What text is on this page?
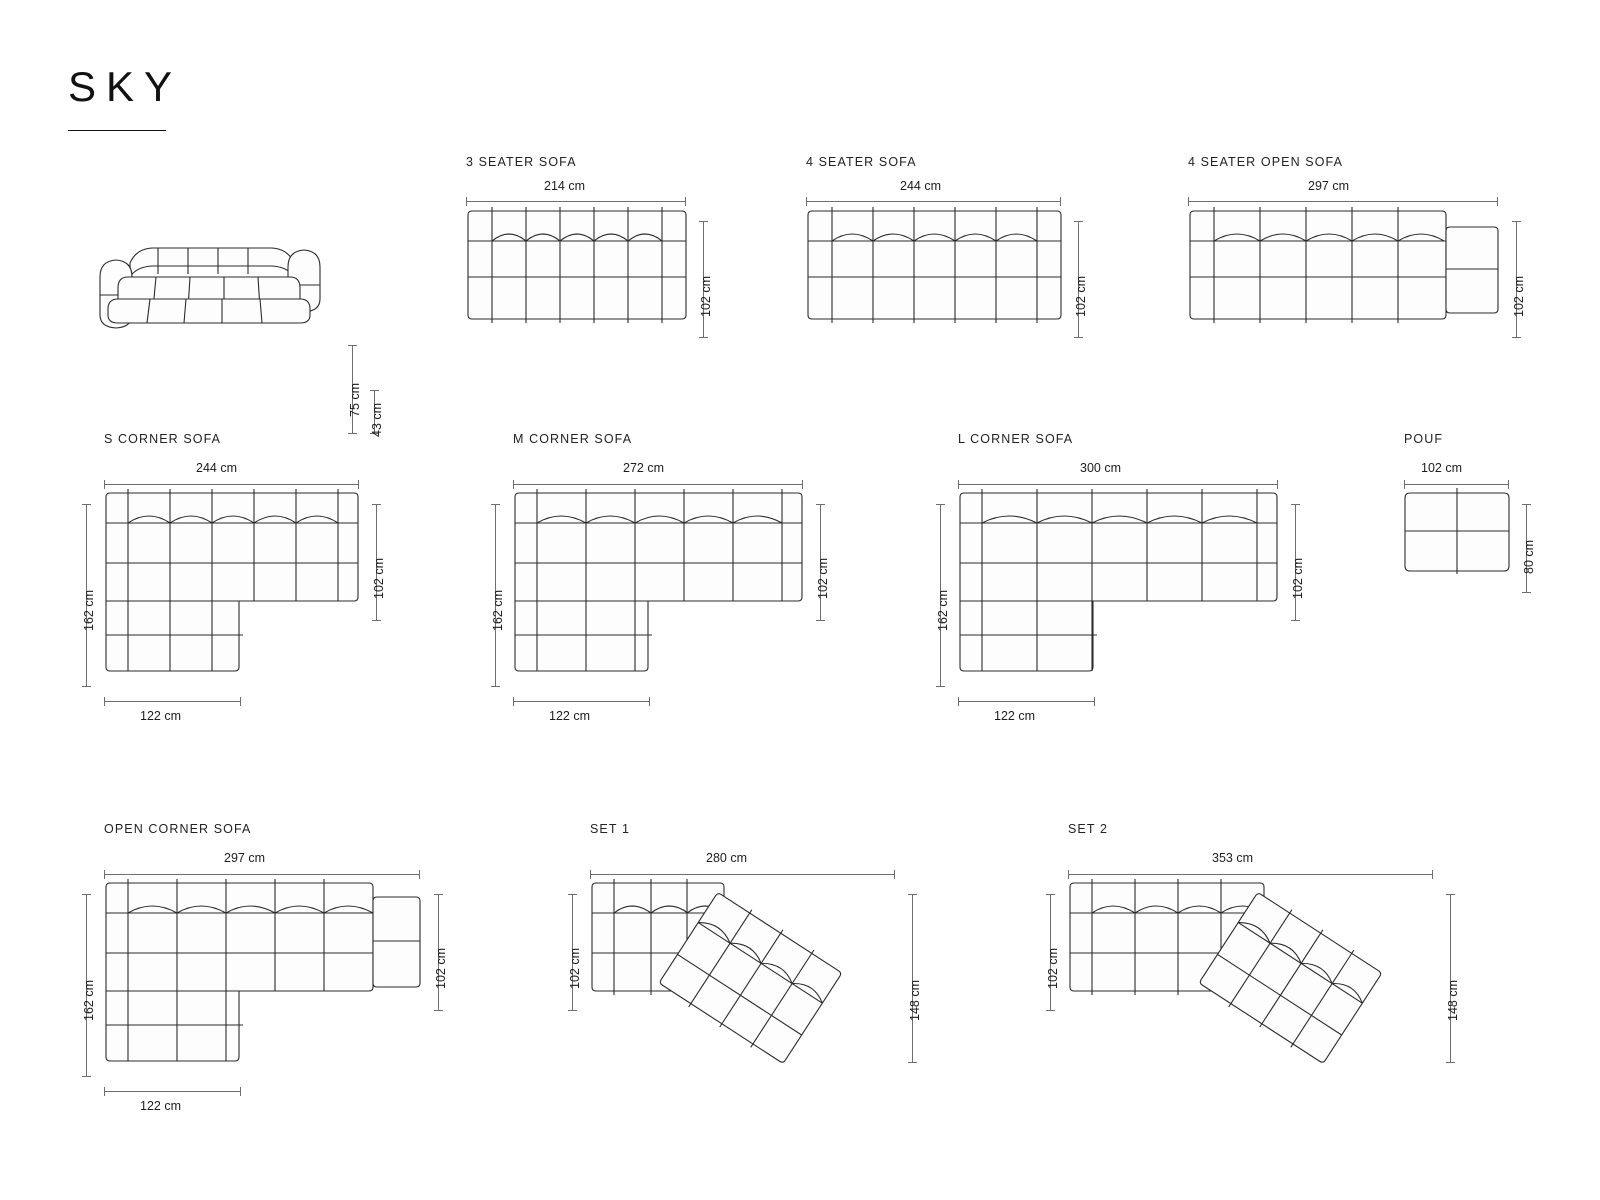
SKY
75 cm
43 cm
3 SEATER SOFA
214 cm
102 cm
4 SEATER SOFA
244 cm
102 cm
4 SEATER OPEN SOFA
297 cm
102 cm
S CORNER SOFA
244 cm
102 cm
162 cm
122 cm
M CORNER SOFA
272 cm
102 cm
162 cm
122 cm
L CORNER SOFA
300 cm
102 cm
162 cm
122 cm
POUF
102 cm
80 cm
OPEN CORNER SOFA
297 cm
102 cm
162 cm
122 cm
SET 1
280 cm
102 cm
148 cm
SET 2
353 cm
102 cm
148 cm
